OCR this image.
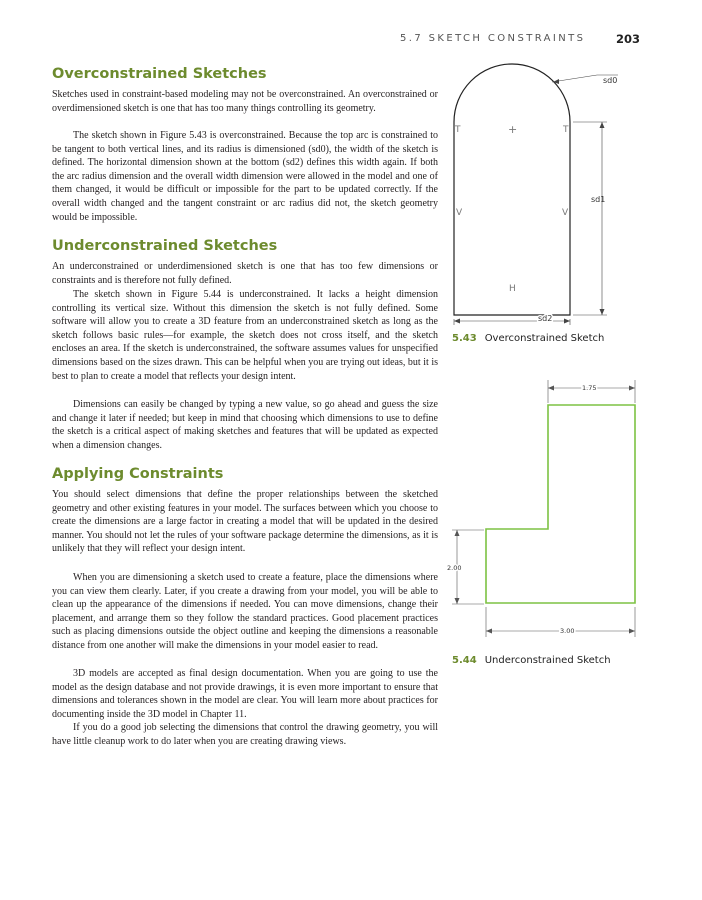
5.7 SKETCH CONSTRAINTS	203
Overconstrained Sketches

Sketches used in constraint-based modeling may not be overconstrained. An overconstrained or overdimensioned sketch is one that has too many things controlling its geometry.

The sketch shown in Figure 5.43 is overconstrained. Because the top arc is constrained to be tangent to both vertical lines, and its radius is dimensioned (sd0), the width of the sketch is defined. The horizontal dimension shown at the bottom (sd2) defines this width again. If both the arc radius dimension and the overall width dimension were allowed in the model and one of them changed, it would be difficult or impossible for the part to be updated correctly. If the overall width changed and the tangent constraint or arc radius did not, the sketch geometry would be impossible.

Underconstrained Sketches

An underconstrained or underdimensioned sketch is one that has too few dimensions or constraints and is therefore not fully defined.

The sketch shown in Figure 5.44 is underconstrained. It lacks a height dimension controlling its vertical size. Without this dimension the sketch is not fully defined. Some software will allow you to create a 3D feature from an underconstrained sketch as long as the sketch follows basic rules—for example, the sketch does not cross itself, and the sketch encloses an area. If the sketch is underconstrained, the software assumes values for unspecified dimensions based on the sizes drawn. This can be helpful when you are trying out ideas, but it is best to plan to create a model that reflects your design intent.

Dimensions can easily be changed by typing a new value, so go ahead and guess the size and change it later if needed; but keep in mind that choosing which dimensions to use to define the sketch is a critical aspect of making sketches and features that will be updated as expected when a dimension changes.

Applying Constraints

You should select dimensions that define the proper relationships between the sketched geometry and other existing features in your model. The surfaces between which you choose to create the dimensions are a large factor in creating a model that will be updated in the desired manner. You should not let the rules of your software package determine the dimensions, as it is unlikely that they will reflect your design intent.

When you are dimensioning a sketch used to create a feature, place the dimensions where you can view them clearly. Later, if you create a drawing from your model, you will be able to clean up the appearance of the dimensions if needed. You can move dimensions, change their placement, and arrange them so they follow the standard practices. Good placement practices such as placing dimensions outside the object outline and keeping the dimensions a reasonable distance from one another will make the dimensions in your model easier to read.

3D models are accepted as final design documentation. When you are going to use the model as the design database and not provide drawings, it is even more important to ensure that dimensions and tolerances shown in the model are clear. You will learn more about practices for documenting inside the 3D model in Chapter 11.

If you do a good job selecting the dimensions that control the drawing geometry, you will have little cleanup work to do later when you are creating drawing views.

T	T
+
V	V
H
sd0
sd1
sd2
5.43 Overconstrained Sketch
1.75
2.00
3.00
5.44 Underconstrained Sketch
